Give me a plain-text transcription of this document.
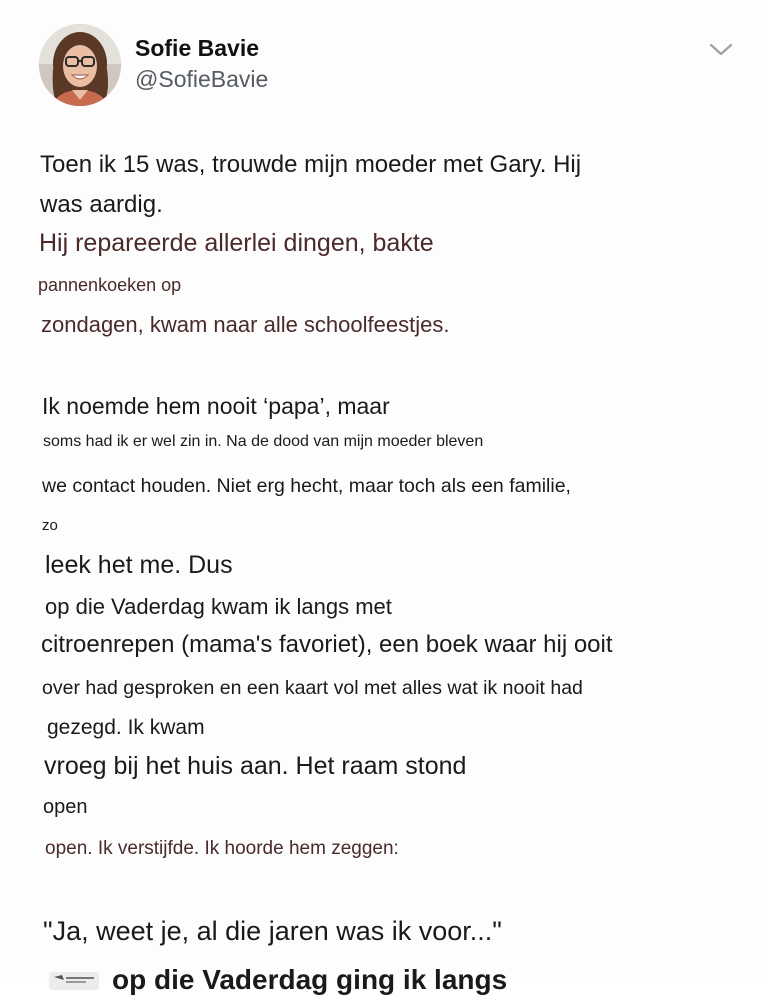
Sofie Bavie
@SofieBavie
Toen ik 15 was, trouwde mijn moeder met Gary. Hij
was aardig.
Hij repareerde allerlei dingen, bakte
pannenkoeken op
zondagen, kwam naar alle schoolfeestjes.
Ik noemde hem nooit ‘papa’, maar
soms had ik er wel zin in. Na de dood van mijn moeder bleven
we contact houden. Niet erg hecht, maar toch als een familie,
zo
leek het me. Dus
op die Vaderdag kwam ik langs met
citroenrepen (mama's favoriet), een boek waar hij ooit
over had gesproken en een kaart vol met alles wat ik nooit had
gezegd. Ik kwam
vroeg bij het huis aan. Het raam stond
open
open. Ik verstijfde. Ik hoorde hem zeggen:
"Ja, weet je, al die jaren was ik voor..."
op die Vaderdag ging ik langs
